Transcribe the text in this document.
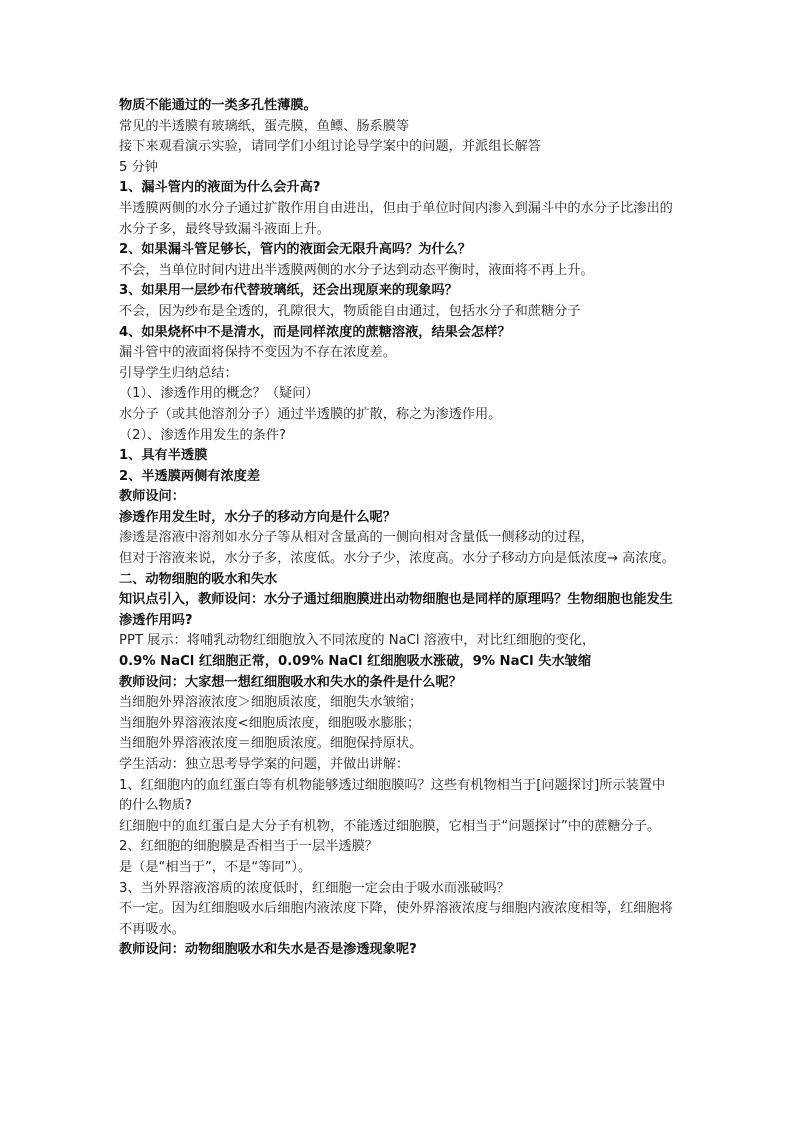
物质不能通过的一类多孔性薄膜。

常见的半透膜有玻璃纸，蛋壳膜，鱼鳔、肠系膜等

接下来观看演示实验，请同学们小组讨论导学案中的问题，并派组长解答

5 分钟

1、漏斗管内的液面为什么会升高?

半透膜两侧的水分子通过扩散作用自由进出，但由于单位时间内渗入到漏斗中的水分子比渗出的水分子多，最终导致漏斗液面上升。

2、如果漏斗管足够长，管内的液面会无限升高吗？为什么？

不会，当单位时间内进出半透膜两侧的水分子达到动态平衡时，液面将不再上升。

3、如果用一层纱布代替玻璃纸，还会出现原来的现象吗？

不会，因为纱布是全透的，孔隙很大，物质能自由通过，包括水分子和蔗糖分子

4、如果烧杯中不是清水，而是同样浓度的蔗糖溶液，结果会怎样？

漏斗管中的液面将保持不变因为不存在浓度差。

引导学生归纳总结：

（1）、渗透作用的概念？（疑问）

水分子（或其他溶剂分子）通过半透膜的扩散，称之为渗透作用。

（2）、渗透作用发生的条件?

1、具有半透膜

2、半透膜两侧有浓度差

教师设问：

渗透作用发生时，水分子的移动方向是什么呢？

渗透是溶液中溶剂如水分子等从相对含量高的一侧向相对含量低一侧移动的过程，

但对于溶液来说，水分子多，浓度低。水分子少，浓度高。水分子移动方向是低浓度→ 高浓度。

二、动物细胞的吸水和失水

知识点引入，教师设问：水分子通过细胞膜进出动物细胞也是同样的原理吗？生物细胞也能发生渗透作用吗?

PPT 展示：将哺乳动物红细胞放入不同浓度的 NaCl 溶液中，对比红细胞的变化，

0.9% NaCl 红细胞正常，0.09% NaCl 红细胞吸水涨破，9% NaCl 失水皱缩

教师设问：大家想一想红细胞吸水和失水的条件是什么呢？

当细胞外界溶液浓度＞细胞质浓度，细胞失水皱缩；

当细胞外界溶液浓度<细胞质浓度，细胞吸水膨胀；

当细胞外界溶液浓度＝细胞质浓度。细胞保持原状。

学生活动：独立思考导学案的问题，并做出讲解：

1、红细胞内的血红蛋白等有机物能够透过细胞膜吗？这些有机物相当于[问题探讨]所示装置中的什么物质?

红细胞中的血红蛋白是大分子有机物，不能透过细胞膜，它相当于“问题探讨”中的蔗糖分子。

2、红细胞的细胞膜是否相当于一层半透膜？

是（是“相当于”，不是“等同”）。

3、当外界溶液溶质的浓度低时，红细胞一定会由于吸水而涨破吗？

不一定。因为红细胞吸水后细胞内液浓度下降，使外界溶液浓度与细胞内液浓度相等，红细胞将不再吸水。

教师设问：动物细胞吸水和失水是否是渗透现象呢?
